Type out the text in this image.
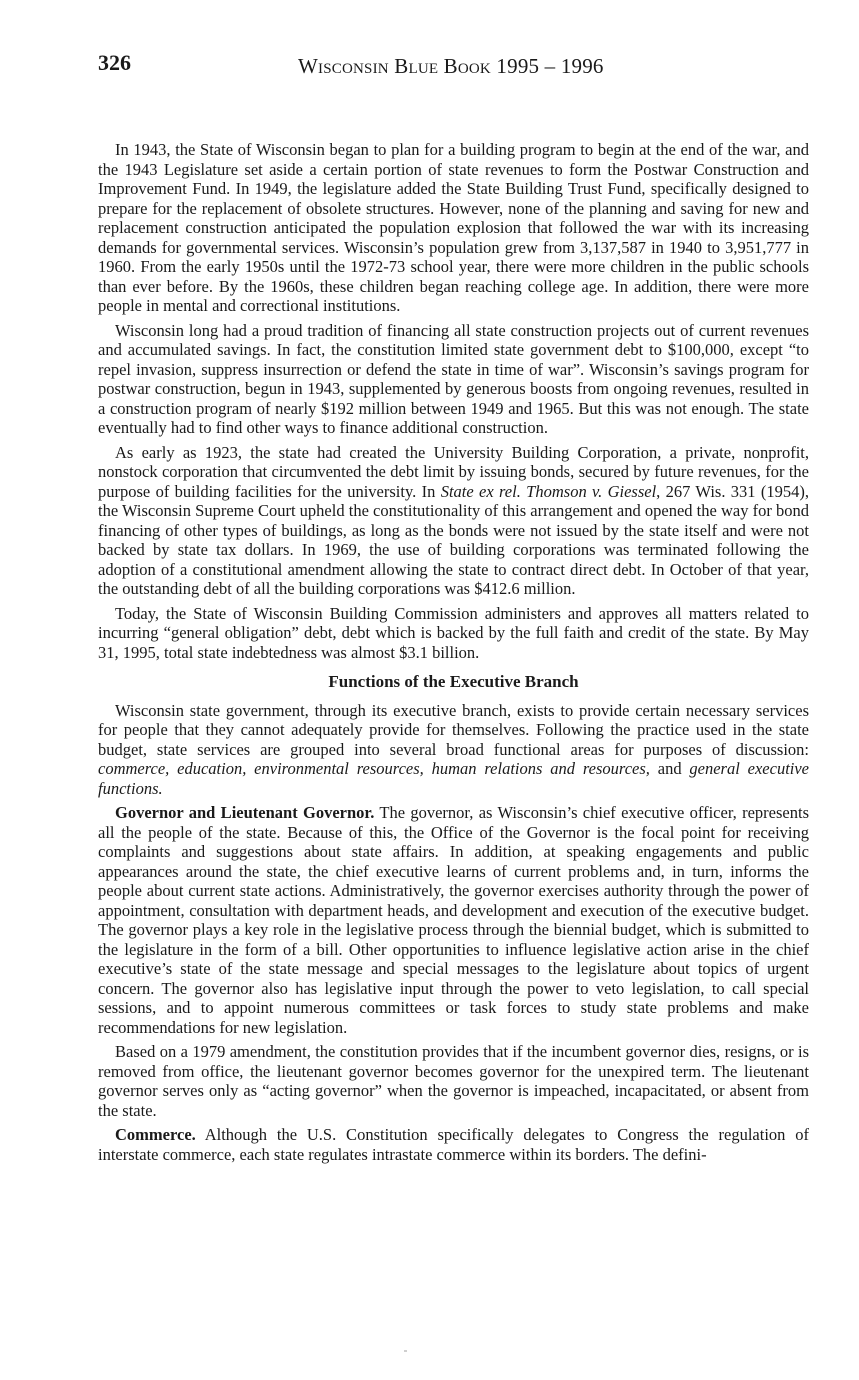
326	Wisconsin Blue Book 1995 – 1996

In 1943, the State of Wisconsin began to plan for a building program to begin at the end of the war, and the 1943 Legislature set aside a certain portion of state revenues to form the Postwar Construction and Improvement Fund. In 1949, the legislature added the State Building Trust Fund, specifically designed to prepare for the replacement of obsolete structures. However, none of the planning and saving for new and replacement construction anticipated the population explosion that followed the war with its increasing demands for governmental services. Wisconsin’s population grew from 3,137,587 in 1940 to 3,951,777 in 1960. From the early 1950s until the 1972-73 school year, there were more children in the public schools than ever before. By the 1960s, these children began reaching college age. In addition, there were more people in mental and correctional institutions.

Wisconsin long had a proud tradition of financing all state construction projects out of current revenues and accumulated savings. In fact, the constitution limited state government debt to $100,000, except “to repel invasion, suppress insurrection or defend the state in time of war”. Wisconsin’s savings program for postwar construction, begun in 1943, supplemented by generous boosts from ongoing revenues, resulted in a construction program of nearly $192 million between 1949 and 1965. But this was not enough. The state eventually had to find other ways to finance additional construction.

As early as 1923, the state had created the University Building Corporation, a private, nonprofit, nonstock corporation that circumvented the debt limit by issuing bonds, secured by future revenues, for the purpose of building facilities for the university. In State ex rel. Thomson v. Giessel, 267 Wis. 331 (1954), the Wisconsin Supreme Court upheld the constitutionality of this arrangement and opened the way for bond financing of other types of buildings, as long as the bonds were not issued by the state itself and were not backed by state tax dollars. In 1969, the use of building corporations was terminated following the adoption of a constitutional amendment allowing the state to contract direct debt. In October of that year, the outstanding debt of all the building corporations was $412.6 million.

Today, the State of Wisconsin Building Commission administers and approves all matters related to incurring “general obligation” debt, debt which is backed by the full faith and credit of the state. By May 31, 1995, total state indebtedness was almost $3.1 billion.

Functions of the Executive Branch

Wisconsin state government, through its executive branch, exists to provide certain necessary services for people that they cannot adequately provide for themselves. Following the practice used in the state budget, state services are grouped into several broad functional areas for purposes of discussion: commerce, education, environmental resources, human relations and resources, and general executive functions.

Governor and Lieutenant Governor. The governor, as Wisconsin’s chief executive officer, represents all the people of the state. Because of this, the Office of the Governor is the focal point for receiving complaints and suggestions about state affairs. In addition, at speaking engagements and public appearances around the state, the chief executive learns of current problems and, in turn, informs the people about current state actions. Administratively, the governor exercises authority through the power of appointment, consultation with department heads, and development and execution of the executive budget. The governor plays a key role in the legislative process through the biennial budget, which is submitted to the legislature in the form of a bill. Other opportunities to influence legislative action arise in the chief executive’s state of the state message and special messages to the legislature about topics of urgent concern. The governor also has legislative input through the power to veto legislation, to call special sessions, and to appoint numerous committees or task forces to study state problems and make recommendations for new legislation.

Based on a 1979 amendment, the constitution provides that if the incumbent governor dies, resigns, or is removed from office, the lieutenant governor becomes governor for the unexpired term. The lieutenant governor serves only as “acting governor” when the governor is impeached, incapacitated, or absent from the state.

Commerce. Although the U.S. Constitution specifically delegates to Congress the regulation of interstate commerce, each state regulates intrastate commerce within its borders. The defini-
